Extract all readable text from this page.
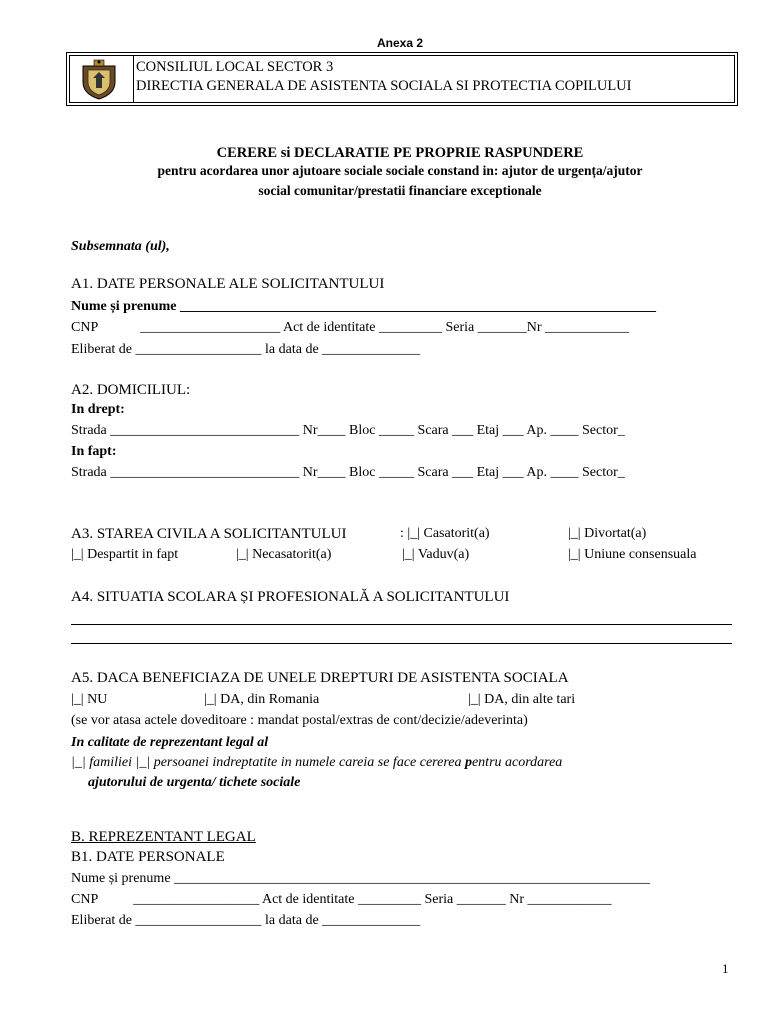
Anexa 2
CONSILIUL LOCAL SECTOR 3
DIRECTIA GENERALA DE ASISTENTA SOCIALA SI PROTECTIA COPILULUI
CERERE si DECLARATIE PE PROPRIE RASPUNDERE
pentru acordarea unor ajutoare sociale sociale constand in: ajutor de urgența/ajutor
social comunitar/prestatii financiare exceptionale
Subsemnata (ul),
A1. DATE PERSONALE ALE SOLICITANTULUI
Nume și prenume ____________________________________________________________________
CNP            ____________________ Act de identitate _________ Seria _______Nr ____________
Eliberat de __________________ la data de ______________
A2. DOMICILIUL:
In drept:
Strada ___________________________ Nr____ Bloc _____ Scara ___ Etaj ___ Ap. ____ Sector_
In fapt:
Strada ___________________________ Nr____ Bloc _____ Scara ___ Etaj ___ Ap. ____ Sector_
A3. STAREA CIVILA A SOLICITANTULUI	: |_| Casatorit(a)	|_| Divortat(a)
|_| Despartit in fapt	|_| Necasatorit(a)	|_| Vaduv(a)	|_| Uniune consensuala
A4. SITUATIA SCOLARA ȘI PROFESIONALĂ A SOLICITANTULUI
A5. DACA BENEFICIAZA DE UNELE DREPTURI DE ASISTENTA SOCIALA
|_| NU	|_| DA, din Romania	|_| DA, din alte tari
(se vor atasa actele doveditoare : mandat postal/extras de cont/decizie/adeverinta)
In calitate de reprezentant legal al
|_| familiei |_| persoanei indreptatite in numele careia se face cererea pentru acordarea
ajutorului de urgenta/ tichete sociale
B. REPREZENTANT LEGAL
B1. DATE PERSONALE
Nume și prenume ____________________________________________________________________
CNP          __________________ Act de identitate _________ Seria _______ Nr ____________
Eliberat de __________________ la data de ______________
1
